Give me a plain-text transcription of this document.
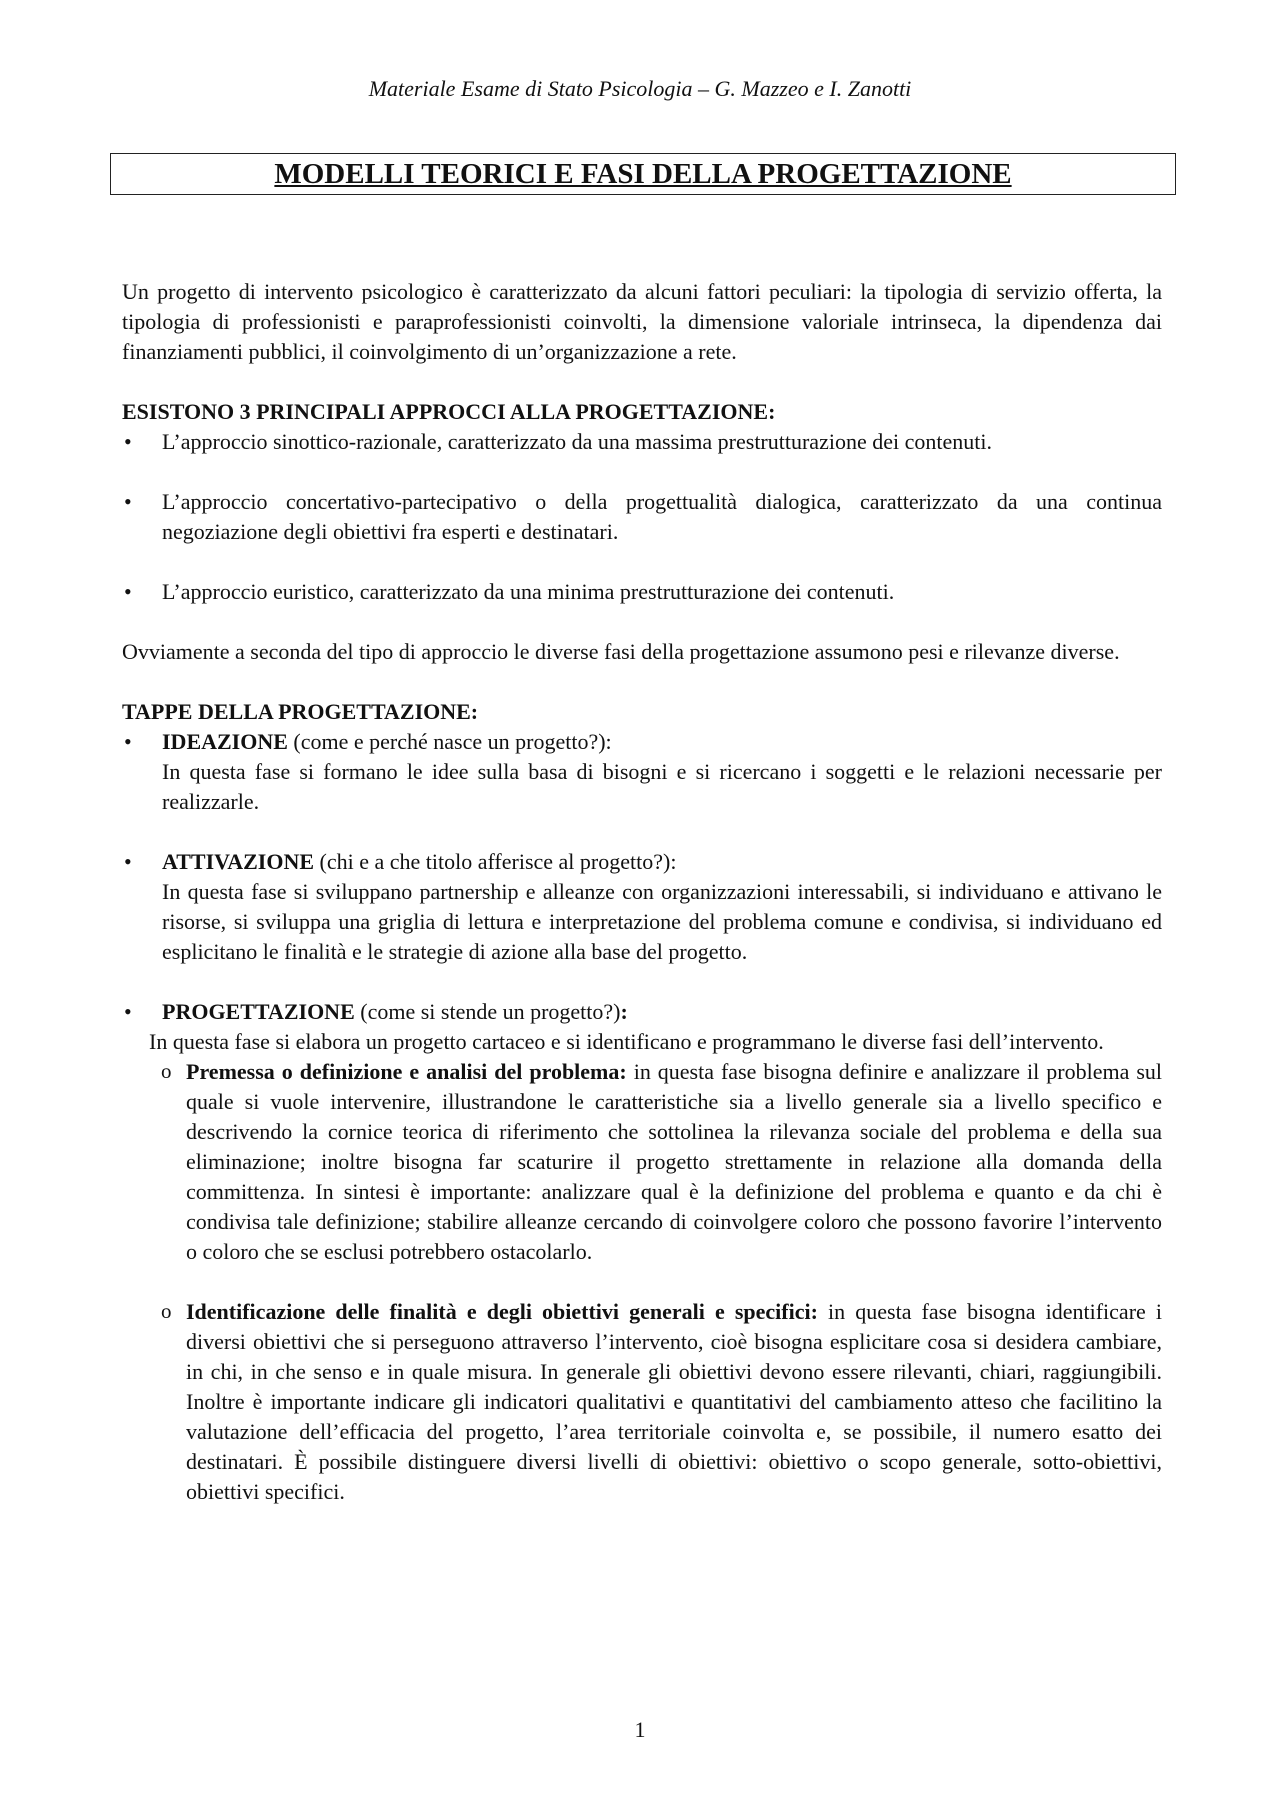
Materiale Esame di Stato Psicologia – G. Mazzeo e I. Zanotti
MODELLI TEORICI E FASI DELLA PROGETTAZIONE

Un progetto di intervento psicologico è caratterizzato da alcuni fattori peculiari: la tipologia di servizio offerta, la tipologia di professionisti e paraprofessionisti coinvolti, la dimensione valoriale intrinseca, la dipendenza dai finanziamenti pubblici, il coinvolgimento di un’organizzazione a rete.

ESISTONO 3 PRINCIPALI APPROCCI ALLA PROGETTAZIONE:
• L’approccio sinottico-razionale, caratterizzato da una massima prestrutturazione dei contenuti.
• L’approccio concertativo-partecipativo o della progettualità dialogica, caratterizzato da una continua negoziazione degli obiettivi fra esperti e destinatari.
• L’approccio euristico, caratterizzato da una minima prestrutturazione dei contenuti.

Ovviamente a seconda del tipo di approccio le diverse fasi della progettazione assumono pesi e rilevanze diverse.

TAPPE DELLA PROGETTAZIONE:
• IDEAZIONE (come e perché nasce un progetto?):
In questa fase si formano le idee sulla basa di bisogni e si ricercano i soggetti e le relazioni necessarie per realizzarle.
• ATTIVAZIONE (chi e a che titolo afferisce al progetto?):
In questa fase si sviluppano partnership e alleanze con organizzazioni interessabili, si individuano e attivano le risorse, si sviluppa una griglia di lettura e interpretazione del problema comune e condivisa, si individuano ed esplicitano le finalità e le strategie di azione alla base del progetto.
• PROGETTAZIONE (come si stende un progetto?):
In questa fase si elabora un progetto cartaceo e si identificano e programmano le diverse fasi dell’intervento.
o Premessa o definizione e analisi del problema: in questa fase bisogna definire e analizzare il problema sul quale si vuole intervenire, illustrandone le caratteristiche sia a livello generale sia a livello specifico e descrivendo la cornice teorica di riferimento che sottolinea la rilevanza sociale del problema e della sua eliminazione; inoltre bisogna far scaturire il progetto strettamente in relazione alla domanda della committenza. In sintesi è importante: analizzare qual è la definizione del problema e quanto e da chi è condivisa tale definizione; stabilire alleanze cercando di coinvolgere coloro che possono favorire l’intervento o coloro che se esclusi potrebbero ostacolarlo.
o Identificazione delle finalità e degli obiettivi generali e specifici: in questa fase bisogna identificare i diversi obiettivi che si perseguono attraverso l’intervento, cioè bisogna esplicitare cosa si desidera cambiare, in chi, in che senso e in quale misura. In generale gli obiettivi devono essere rilevanti, chiari, raggiungibili. Inoltre è importante indicare gli indicatori qualitativi e quantitativi del cambiamento atteso che facilitino la valutazione dell’efficacia del progetto, l’area territoriale coinvolta e, se possibile, il numero esatto dei destinatari. È possibile distinguere diversi livelli di obiettivi: obiettivo o scopo generale, sotto-obiettivi, obiettivi specifici.
1
